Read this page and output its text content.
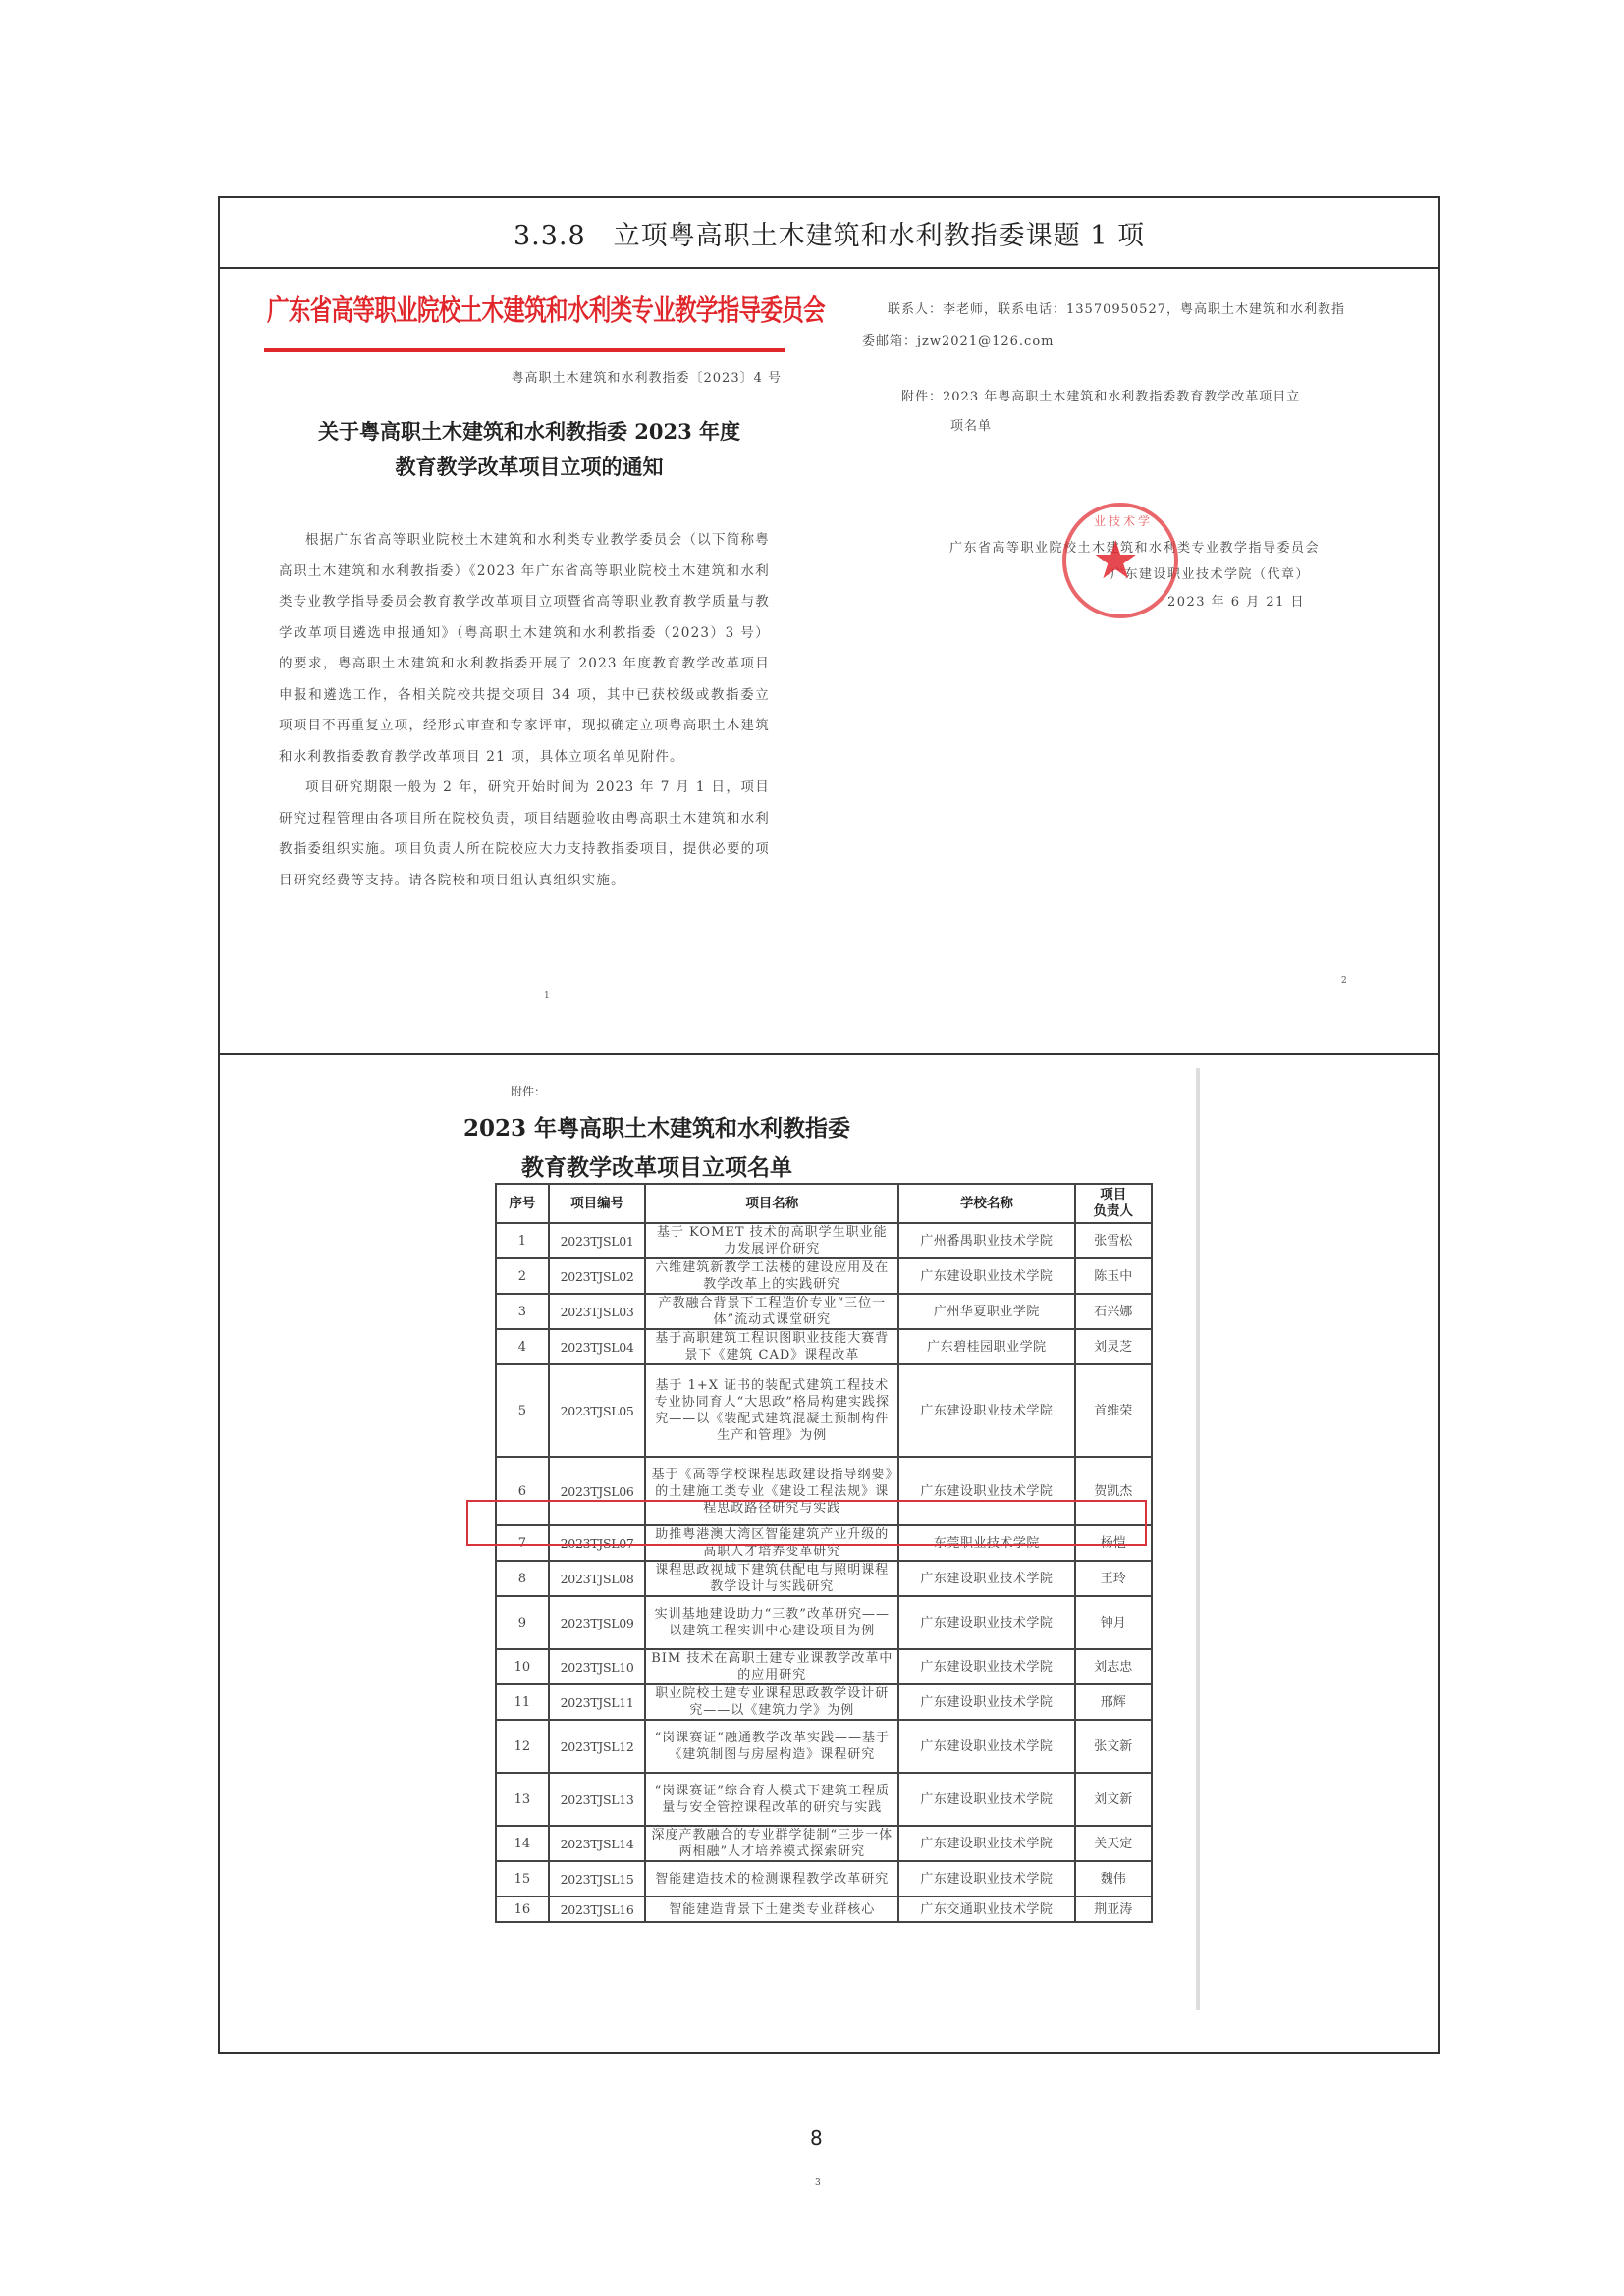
3.3.8　立项粤高职土木建筑和水利教指委课题 1 项
广东省高等职业院校土木建筑和水利类专业教学指导委员会
粤高职土木建筑和水利教指委〔2023〕4 号
关于粤高职土木建筑和水利教指委 2023 年度
教育教学改革项目立项的通知

根据广东省高等职业院校土木建筑和水利类专业教学委员会（以下简称粤高职土木建筑和水利教指委）《2023 年广东省高等职业院校土木建筑和水利类专业教学指导委员会教育教学改革项目立项暨省高等职业教育教学质量与教学改革项目遴选申报通知》（粤高职土木建筑和水利教指委（2023）3 号）的要求，粤高职土木建筑和水利教指委开展了 2023 年度教育教学改革项目申报和遴选工作，各相关院校共提交项目 34 项，其中已获校级或教指委立项项目不再重复立项，经形式审查和专家评审，现拟确定立项粤高职土木建筑和水利教指委教育教学改革项目 21 项，具体立项名单见附件。

项目研究期限一般为 2 年，研究开始时间为 2023 年 7 月 1 日，项目研究过程管理由各项目所在院校负责，项目结题验收由粤高职土木建筑和水利教指委组织实施。项目负责人所在院校应大力支持教指委项目，提供必要的项目研究经费等支持。请各院校和项目组认真组织实施。

1
联系人：李老师，联系电话：13570950527，粤高职土木建筑和水利教指委邮箱：jzw2021@126.com
附件：2023 年粤高职土木建筑和水利教指委教育教学改革项目立
项名单
广东省高等职业院校土木建筑和水利类专业教学指导委员会
广东建设职业技术学院（代章）
2023 年 6 月 21 日
2
业技术学
★
附件：
2023 年粤高职土木建筑和水利教指委
教育教学改革项目立项名单
序号	项目编号	项目名称	学校名称	项目
负责人
1	2023TJSL01	基于 KOMET 技术的高职学生职业能力发展评价研究	广州番禺职业技术学院	张雪松
2	2023TJSL02	六维建筑新教学工法楼的建设应用及在教学改革上的实践研究	广东建设职业技术学院	陈玉中
3	2023TJSL03	产教融合背景下工程造价专业“三位一体”流动式课堂研究	广州华夏职业学院	石兴娜
4	2023TJSL04	基于高职建筑工程识图职业技能大赛背景下《建筑 CAD》课程改革	广东碧桂园职业学院	刘灵芝
5	2023TJSL05	基于 1+X 证书的装配式建筑工程技术专业协同育人“大思政”格局构建实践探究——以《装配式建筑混凝土预制构件生产和管理》为例	广东建设职业技术学院	首维荣
6	2023TJSL06	基于《高等学校课程思政建设指导纲要》的土建施工类专业《建设工程法规》课程思政路径研究与实践	广东建设职业技术学院	贺凯杰
7	2023TJSL07	助推粤港澳大湾区智能建筑产业升级的高职人才培养变革研究	东莞职业技术学院	杨恺
8	2023TJSL08	课程思政视域下建筑供配电与照明课程教学设计与实践研究	广东建设职业技术学院	王玲
9	2023TJSL09	实训基地建设助力“三教”改革研究——以建筑工程实训中心建设项目为例	广东建设职业技术学院	钟月
10	2023TJSL10	BIM 技术在高职土建专业课教学改革中的应用研究	广东建设职业技术学院	刘志忠
11	2023TJSL11	职业院校土建专业课程思政教学设计研究——以《建筑力学》为例	广东建设职业技术学院	邢辉
12	2023TJSL12	“岗课赛证”融通教学改革实践——基于《建筑制图与房屋构造》课程研究	广东建设职业技术学院	张文新
13	2023TJSL13	“岗课赛证”综合育人模式下建筑工程质量与安全管控课程改革的研究与实践	广东建设职业技术学院	刘文新
14	2023TJSL14	深度产教融合的专业群学徒制“三步一体两相融”人才培养模式探索研究	广东建设职业技术学院	关天定
15	2023TJSL15	智能建造技术的检测课程教学改革研究	广东建设职业技术学院	魏伟
16	2023TJSL16	智能建造背景下土建类专业群核心	广东交通职业技术学院	荆亚涛
3
8
